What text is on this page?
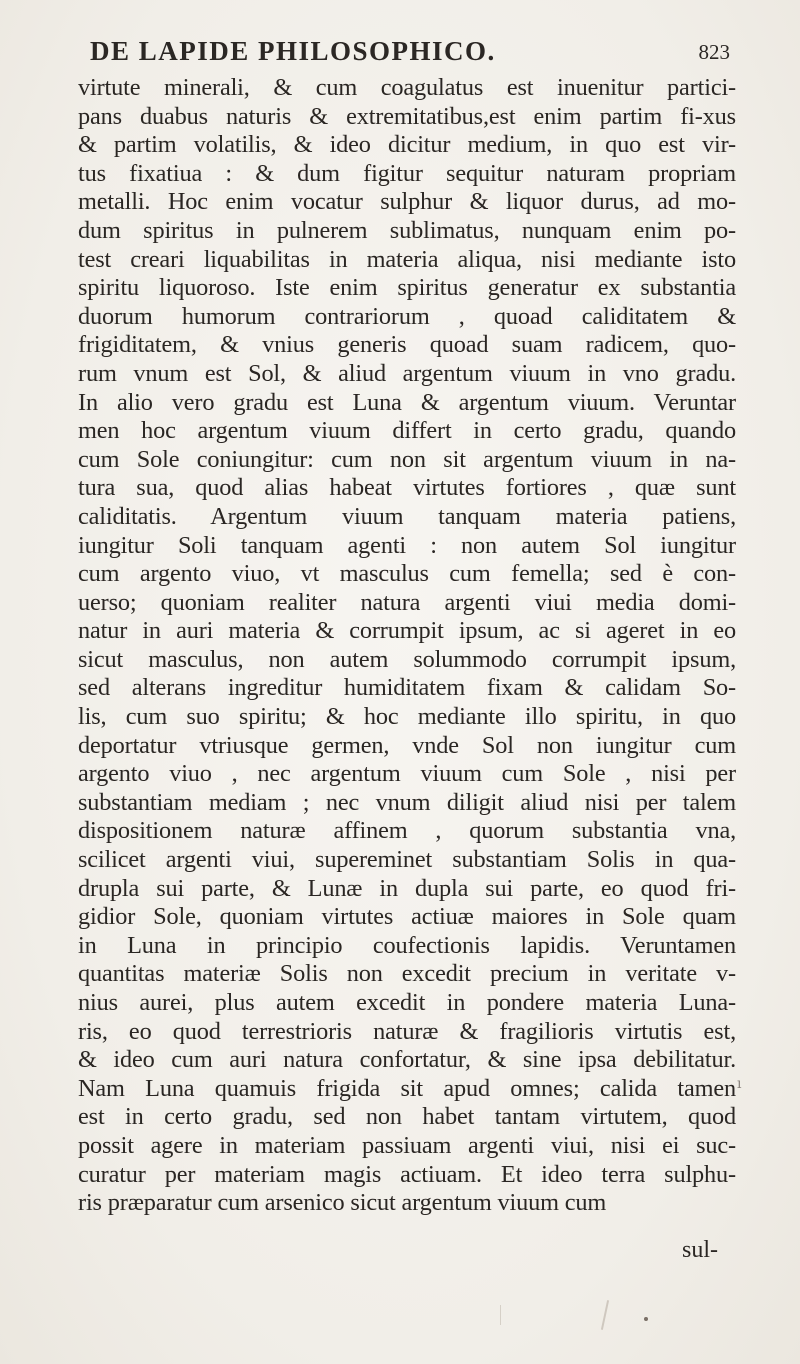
DE LAPIDE PHILOSOPHICO.	823
virtute minerali, & cum coagulatus est inuenitur partici-
pans duabus naturis & extremitatibus,est enim partim fi-xus
& partim volatilis, & ideo dicitur medium, in quo est vir-
tus fixatiua : & dum figitur sequitur naturam propriam
metalli. Hoc enim vocatur sulphur & liquor durus, ad mo-
dum spiritus in pulnerem sublimatus, nunquam enim po-
test creari liquabilitas in materia aliqua, nisi mediante isto
spiritu liquoroso. Iste enim spiritus generatur ex substantia
duorum humorum contrariorum , quoad caliditatem &
frigiditatem, & vnius generis quoad suam radicem, quo-
rum vnum est Sol, & aliud argentum viuum in vno gradu.
In alio vero gradu est Luna & argentum viuum. Veruntar
men hoc argentum viuum differt in certo gradu, quando
cum Sole coniungitur: cum non sit argentum viuum in na-
tura sua, quod alias habeat virtutes fortiores , quæ sunt
caliditatis. Argentum viuum tanquam materia patiens,
iungitur Soli tanquam agenti : non autem Sol iungitur
cum argento viuo, vt masculus cum femella; sed è con-
uerso; quoniam realiter natura argenti viui media domi-
natur in auri materia & corrumpit ipsum, ac si ageret in eo
sicut masculus, non autem solummodo corrumpit ipsum,
sed alterans ingreditur humiditatem fixam & calidam So-
lis, cum suo spiritu; & hoc mediante illo spiritu, in quo
deportatur vtriusque germen, vnde Sol non iungitur cum
argento viuo , nec argentum viuum cum Sole , nisi per
substantiam mediam ; nec vnum diligit aliud nisi per talem
dispositionem naturæ affinem , quorum substantia vna,
scilicet argenti viui, supereminet substantiam Solis in qua-
drupla sui parte, & Lunæ in dupla sui parte, eo quod fri-
gidior Sole, quoniam virtutes actiuæ maiores in Sole quam
in Luna in principio coufectionis lapidis. Veruntamen
quantitas materiæ Solis non excedit precium in veritate v-
nius aurei, plus autem excedit in pondere materia Luna-
ris, eo quod terrestrioris naturæ & fragilioris virtutis est,
& ideo cum auri natura confortatur, & sine ipsa debilitatur.
Nam Luna quamuis frigida sit apud omnes; calida tamen
est in certo gradu, sed non habet tantam virtutem, quod
possit agere in materiam passiuam argenti viui, nisi ei suc-
curatur per materiam magis actiuam. Et ideo terra sulphu-
ris præparatur cum arsenico sicut argentum viuum cum
sul-
ı
